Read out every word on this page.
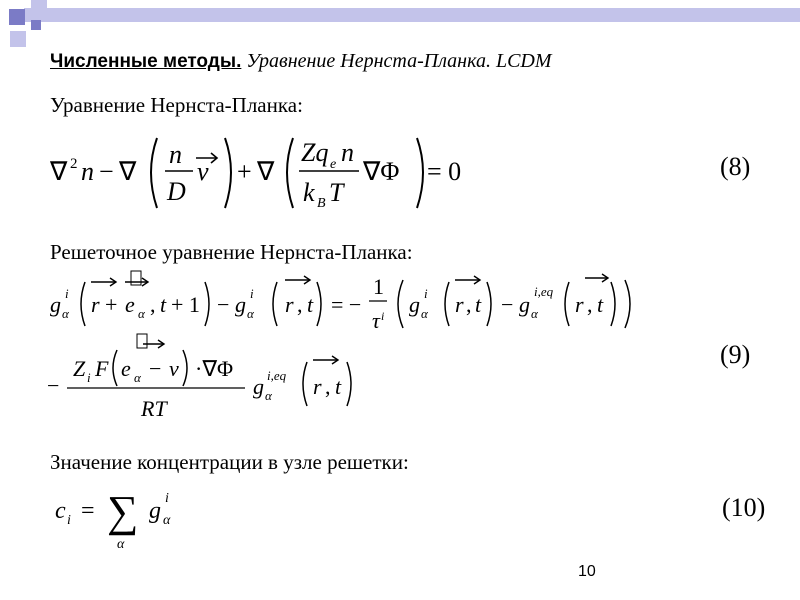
Численные методы. Уравнение Нернста-Планка. LCDM
Уравнение Нернста-Планка:
∇ 2 n − ∇
n
D
v + ∇
Zq e n
k B T
∇Φ = 0	(8)
Решеточное уравнение Нернста-Планка:
g α
i r + e α , t + 1 − g α
i r , t = −
1
τ i g α
i r , t − g α
i,eq
r , t
−
Z i F e α − v ·∇Φ
RT
g α
i,eq r , t
(9)
Значение концентрации в узле решетки:
c i = ∑
α
g α
i	(10)
10
